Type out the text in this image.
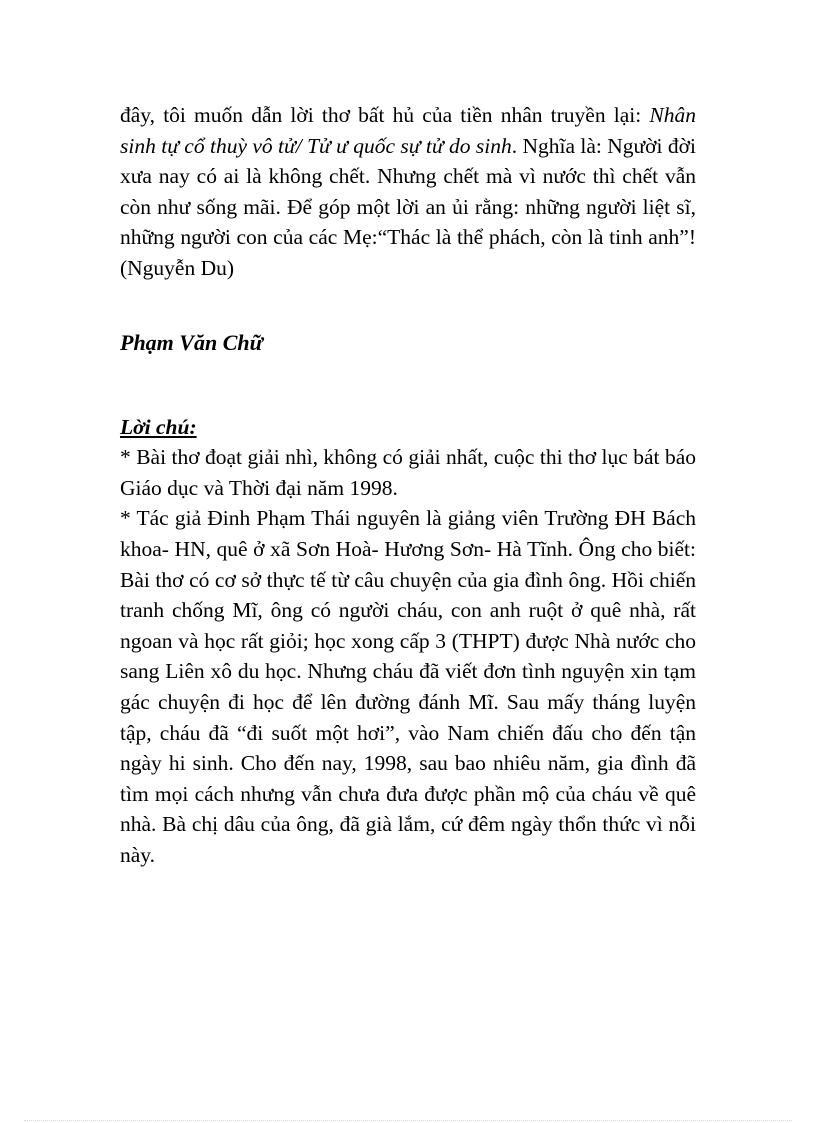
đây, tôi muốn dẫn lời thơ bất hủ của tiền nhân truyền lại: Nhân sinh tự cổ thuỳ vô tử/ Tử ư quốc sự tử do sinh. Nghĩa là: Người đời xưa nay có ai là không chết. Nhưng chết mà vì nước thì chết vẫn còn như sống mãi. Để góp một lời an ủi rằng: những người liệt sĩ, những người con của các Mẹ:“Thác là thể phách, còn là tinh anh”!(Nguyễn Du)

Phạm Văn Chữ
Lời chú:

* Bài thơ đoạt giải nhì, không có giải nhất, cuộc thi thơ lục bát báo Giáo dục và Thời đại năm 1998.

* Tác giả Đinh Phạm Thái nguyên là giảng viên Trường ĐH Bách khoa- HN, quê ở xã Sơn Hoà- Hương Sơn- Hà Tĩnh. Ông cho biết: Bài thơ có cơ sở thực tế từ câu chuyện của gia đình ông. Hồi chiến tranh chống Mĩ, ông có người cháu, con anh ruột ở quê nhà, rất ngoan và học rất giỏi; học xong cấp 3 (THPT) được Nhà nước cho sang Liên xô du học. Nhưng cháu đã viết đơn tình nguyện xin tạm gác chuyện đi học để lên đường đánh Mĩ. Sau mấy tháng luyện tập, cháu đã “đi suốt một hơi”, vào Nam chiến đấu cho đến tận ngày hi sinh. Cho đến nay, 1998, sau bao nhiêu năm, gia đình đã tìm mọi cách nhưng vẫn chưa đưa được phần mộ của cháu về quê nhà. Bà chị dâu của ông, đã già lắm, cứ đêm ngày thổn thức vì nỗi này.
